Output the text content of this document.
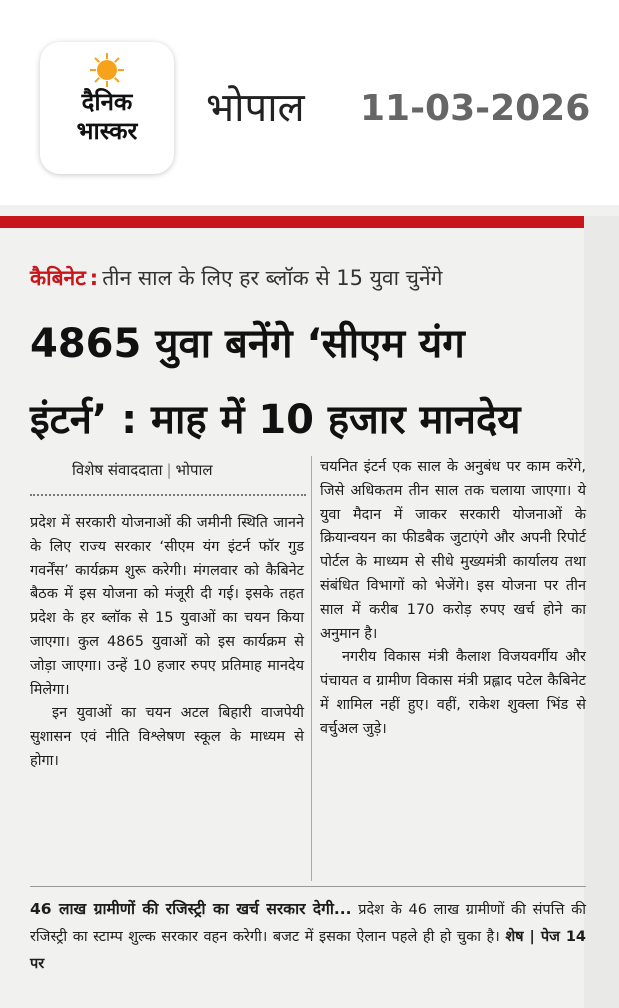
दैनिक
भास्कर	भोपाल 11-03-2026
कैबिनेट : तीन साल के लिए हर ब्लॉक से 15 युवा चुनेंगे
4865 युवा बनेंगे ‘सीएम यंग
इंटर्न’ : माह में 10 हजार मानदेय
विशेष संवाददाता | भोपाल

प्रदेश में सरकारी योजनाओं की जमीनी स्थिति जानने के लिए राज्य सरकार ‘सीएम यंग इंटर्न फॉर गुड गवर्नेंस’ कार्यक्रम शुरू करेगी। मंगलवार को कैबिनेट बैठक में इस योजना को मंजूरी दी गई। इसके तहत प्रदेश के हर ब्लॉक से 15 युवाओं का चयन किया जाएगा। कुल 4865 युवाओं को इस कार्यक्रम से जोड़ा जाएगा। उन्हें 10 हजार रुपए प्रतिमाह मानदेय मिलेगा।

इन युवाओं का चयन अटल बिहारी वाजपेयी सुशासन एवं नीति विश्लेषण स्कूल के माध्यम से होगा।

चयनित इंटर्न एक साल के अनुबंध पर काम करेंगे, जिसे अधिकतम तीन साल तक चलाया जाएगा। ये युवा मैदान में जाकर सरकारी योजनाओं के क्रियान्वयन का फीडबैक जुटाएंगे और अपनी रिपोर्ट पोर्टल के माध्यम से सीधे मुख्यमंत्री कार्यालय तथा संबंधित विभागों को भेजेंगे। इस योजना पर तीन साल में करीब 170 करोड़ रुपए खर्च होने का अनुमान है।

नगरीय विकास मंत्री कैलाश विजयवर्गीय और पंचायत व ग्रामीण विकास मंत्री प्रह्लाद पटेल कैबिनेट में शामिल नहीं हुए। वहीं, राकेश शुक्ला भिंड से वर्चुअल जुड़े।

46 लाख ग्रामीणों की रजिस्ट्री का खर्च सरकार देगी... प्रदेश के 46 लाख ग्रामीणों की संपत्ति की रजिस्ट्री का स्टाम्प शुल्क सरकार वहन करेगी। बजट में इसका ऐलान पहले ही हो चुका है। शेष | पेज 14 पर
